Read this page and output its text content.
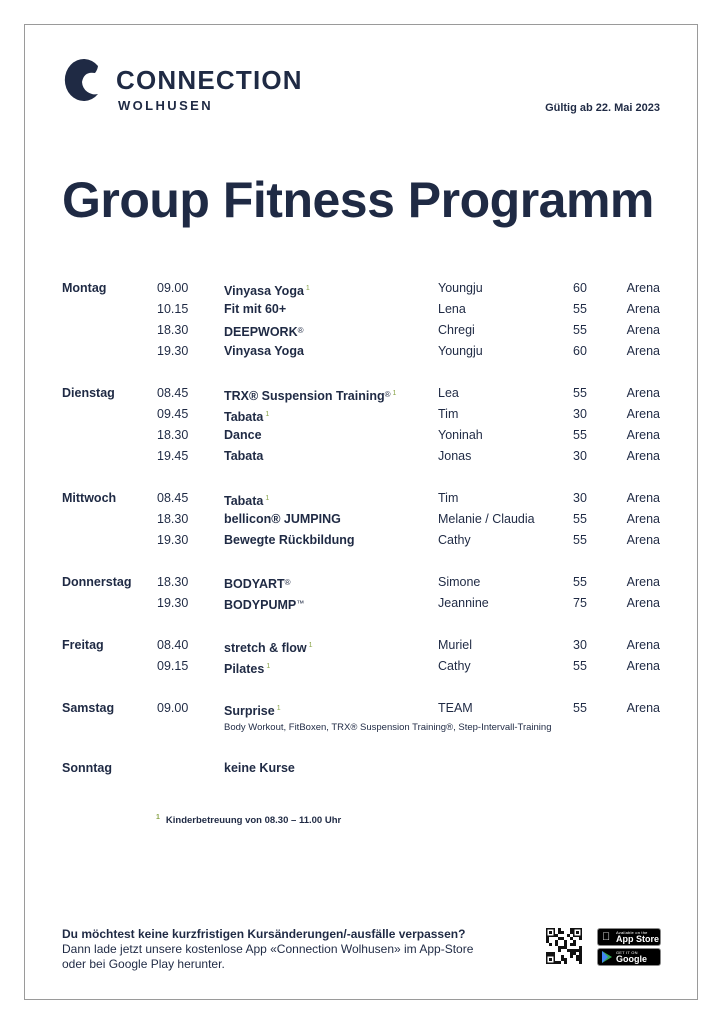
CONNECTION
WOLHUSEN	Gültig ab 22. Mai 2023
Group Fitness Programm
Montag	09.00	Vinyasa Yoga $^1$	Youngju	60	Arena
10.15	Fit mit 60+	Lena	55	Arena
18.30	DEEPWORK®	Chregi	55	Arena
19.30	Vinyasa Yoga	Youngju	60	Arena
Dienstag	08.45	TRX® Suspension Training® $^1$	Lea	55	Arena
09.45	Tabata $^1$	Tim	30	Arena
18.30	Dance	Yoninah	55	Arena
19.45	Tabata	Jonas	30	Arena
Mittwoch	08.45	Tabata $^1$	Tim	30	Arena
18.30	bellicon® JUMPING	Melanie / Claudia	55	Arena
19.30	Bewegte Rückbildung	Cathy	55	Arena
Donnerstag 18.30	BODYART®	Simone	55	Arena
19.30	BODYPUMP™	Jeannine	75	Arena
Freitag	08.40	stretch & flow $^1$	Muriel	30	Arena
09.15	Pilates $^1$	Cathy	55	Arena
Samstag	09.00	Surprise $^1$	TEAM	55	Arena
Body Workout, FitBoxen, TRX® Suspension Training®, Step-Intervall-Training
Sonntag	keine Kurse
$^1$ Kinderbetreuung von 08.30 – 11.00 Uhr
Du möchtest keine kurzfristigen Kursänderungen/-ausfälle verpassen?
Dann lade jetzt unsere kostenlose App «Connection Wolhusen» im App-Store
oder bei Google Play herunter.
Available on the
App Store
GET IT ON
Google Play
